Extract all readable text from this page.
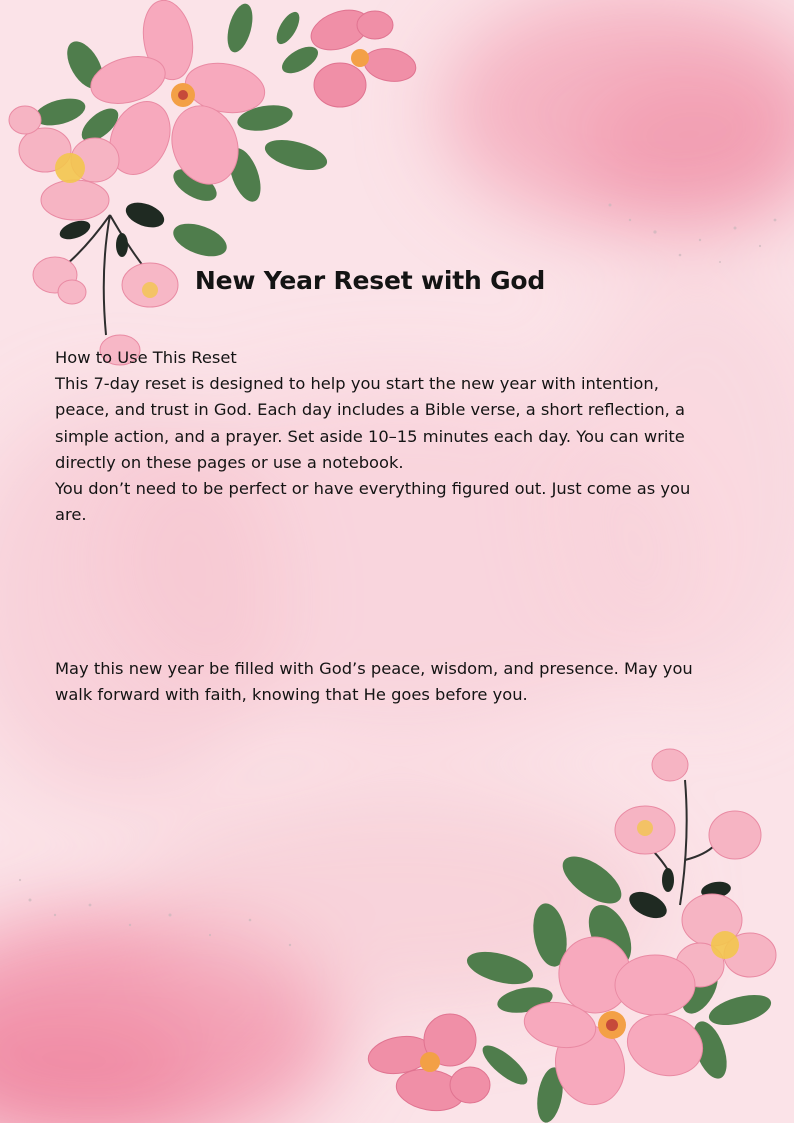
New Year Reset with God

How to Use This Reset

This 7-day reset is designed to help you start the new year with intention, peace, and trust in God. Each day includes a Bible verse, a short reflection, a simple action, and a prayer. Set aside 10–15 minutes each day. You can write directly on these pages or use a notebook.

You don’t need to be perfect or have everything figured out. Just come as you are.

May this new year be filled with God’s peace, wisdom, and presence. May you walk forward with faith, knowing that He goes before you.
